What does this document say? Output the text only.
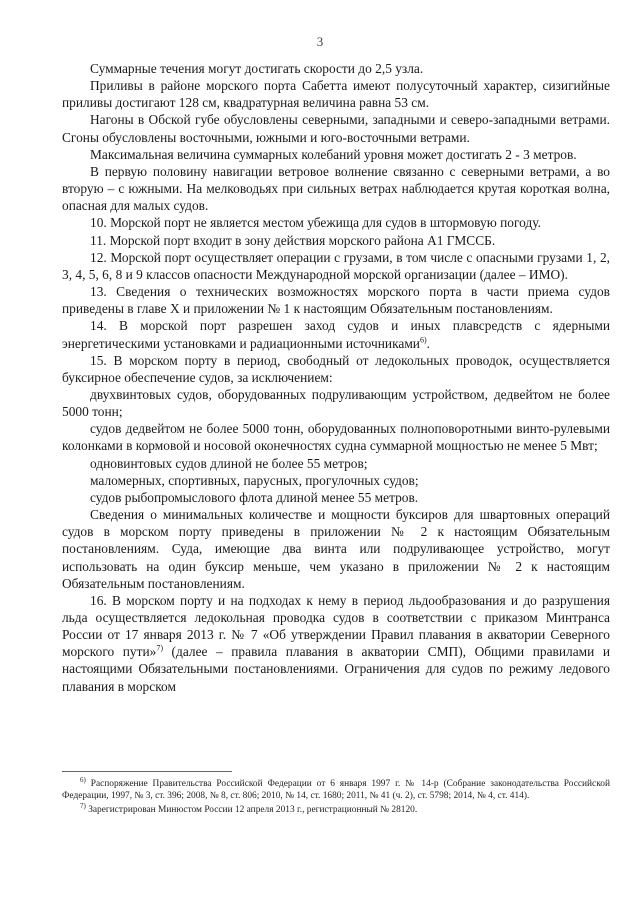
3

Суммарные течения могут достигать скорости до 2,5 узла.

Приливы в районе морского порта Сабетта имеют полусуточный характер, сизигийные приливы достигают 128 см, квадратурная величина равна 53 см.

Нагоны в Обской губе обусловлены северными, западными и северо-западными ветрами. Сгоны обусловлены восточными, южными и юго-восточными ветрами.

Максимальная величина суммарных колебаний уровня может достигать 2 - 3 метров.

В первую половину навигации ветровое волнение связанно с северными ветрами, а во вторую – с южными. На мелководьях при сильных ветрах наблюдается крутая короткая волна, опасная для малых судов.

10. Морской порт не является местом убежища для судов в штормовую погоду.

11. Морской порт входит в зону действия морского района А1 ГМССБ.

12. Морской порт осуществляет операции с грузами, в том числе с опасными грузами 1, 2, 3, 4, 5, 6, 8 и 9 классов опасности Международной морской организации (далее – ИМО).

13. Сведения о технических возможностях морского порта в части приема судов приведены в главе X и приложении № 1 к настоящим Обязательным постановлениям.

14. В морской порт разрешен заход судов и иных плавсредств с ядерными энергетическими установками и радиационными источниками$^{6)}$.

15. В морском порту в период, свободный от ледокольных проводок, осуществляется буксирное обеспечение судов, за исключением:

двухвинтовых судов, оборудованных подруливающим устройством, дедвейтом не более 5000 тонн;

судов дедвейтом не более 5000 тонн, оборудованных полноповоротными винто-рулевыми колонками в кормовой и носовой оконечностях судна суммарной мощностью не менее 5 Мвт;

одновинтовых судов длиной не более 55 метров;

маломерных, спортивных, парусных, прогулочных судов;

судов рыбопромыслового флота длиной менее 55 метров.

Сведения о минимальных количестве и мощности буксиров для швартовных операций судов в морском порту приведены в приложении № 2 к настоящим Обязательным постановлениям. Суда, имеющие два винта или подруливающее устройство, могут использовать на один буксир меньше, чем указано в приложении № 2 к настоящим Обязательным постановлениям.

16. В морском порту и на подходах к нему в период льдообразования и до разрушения льда осуществляется ледокольная проводка судов в соответствии с приказом Минтранса России от 17 января 2013 г. № 7 «Об утверждении Правил плавания в акватории Северного морского пути»$^{7)}$ (далее – правила плавания в акватории СМП), Общими правилами и настоящими Обязательными постановлениями. Ограничения для судов по режиму ледового плавания в морском

$^{6)}$ Распоряжение Правительства Российской Федерации от 6 января 1997 г. № 14-р (Собрание законодательства Российской Федерации, 1997, № 3, ст. 396; 2008, № 8, ст. 806; 2010, № 14, ст. 1680; 2011, № 41 (ч. 2), ст. 5798; 2014, № 4, ст. 414).

$^{7)}$ Зарегистрирован Минюстом России 12 апреля 2013 г., регистрационный № 28120.
